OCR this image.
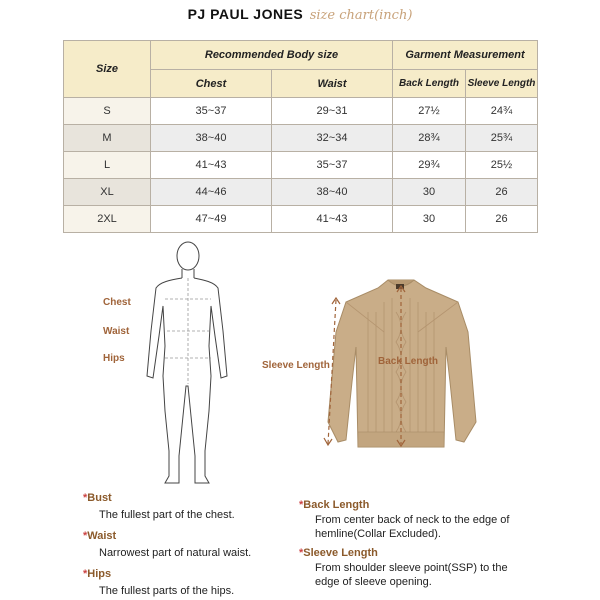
PJ PAUL JONES size chart(inch)
Size	Recommended Body size		Garment Measurement	
	Chest	Waist	Back Length	Sleeve Length
S	35~37	29~31	27½	24¾
M	38~40	32~34	28¾	25¾
L	41~43	35~37	29¾	25½
XL	44~46	38~40	30	26
2XL	47~49	41~43	30	26
Chest
Waist
Hips
Sleeve Length	Back Length
*Bust
The fullest part of the chest.
*Waist
Narrowest part of natural waist.
*Hips
The fullest parts of the hips.
*Back Length
From center back of neck to the edge of hemline(Collar Excluded).
*Sleeve Length
From shoulder sleeve point(SSP) to the edge of sleeve opening.
